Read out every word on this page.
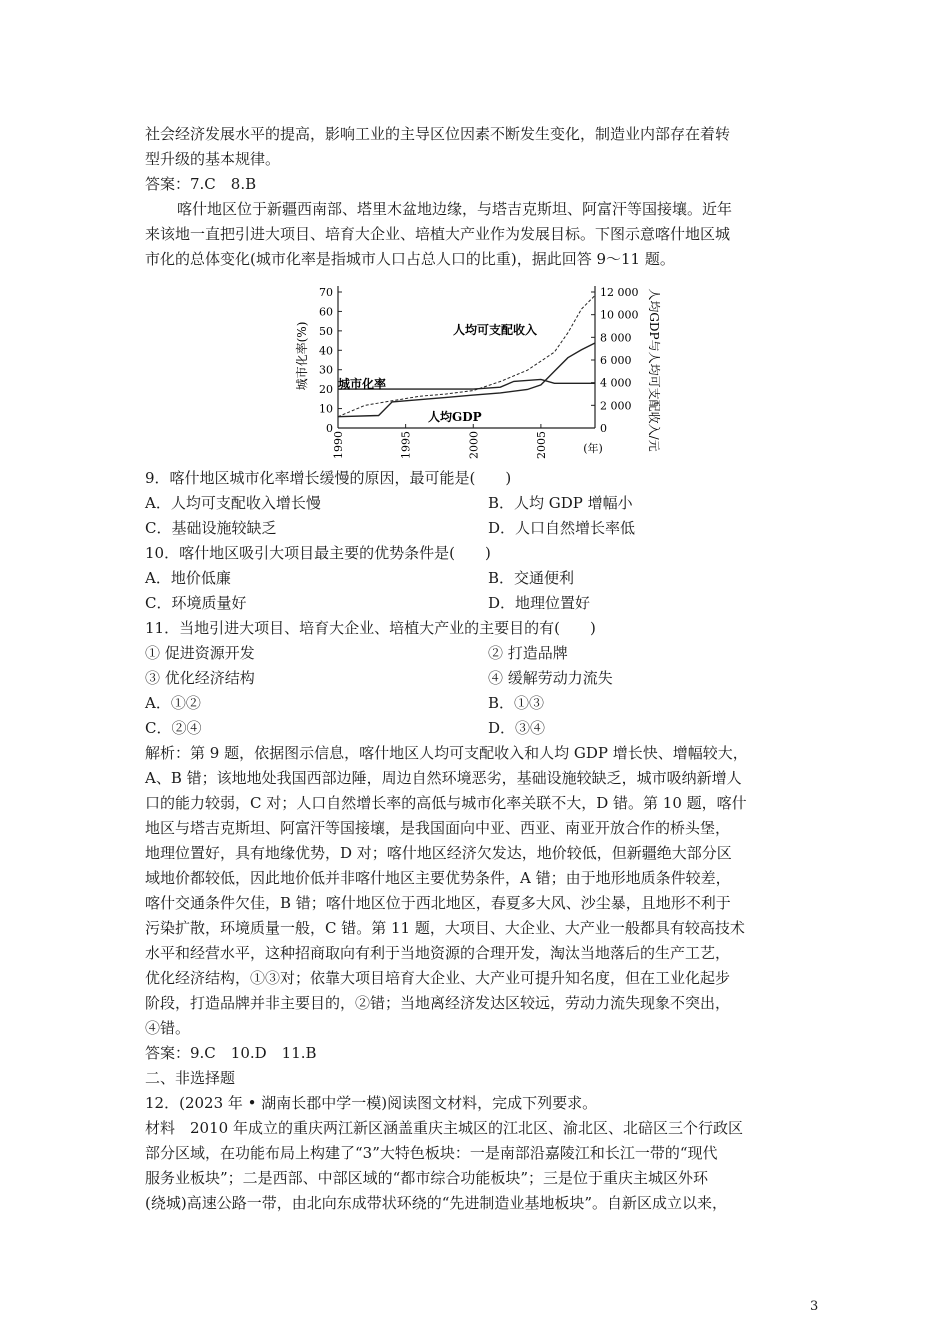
社会经济发展水平的提高，影响工业的主导区位因素不断发生变化，制造业内部存在着转
型升级的基本规律。
答案：7.C　8.B
喀什地区位于新疆西南部、塔里木盆地边缘，与塔吉克斯坦、阿富汗等国接壤。近年
来该地一直把引进大项目、培育大企业、培植大产业作为发展目标。下图示意喀什地区城
市化的总体变化(城市化率是指城市人口占总人口的比重)，据此回答 9～11 题。
0
10
20
30
40
50
60
70
0
2 000
4 000
6 000
8 000
10 000
12 000
1990	1995	2000	2005
城市化率(%)	人均GDP与人均可支配收入/元
(年)
人均可支配收入
城市化率
人均GDP
9．喀什地区城市化率增长缓慢的原因，最可能是(　　)
A．人均可支配收入增长慢	B．人均 GDP 增幅小
C．基础设施较缺乏	D．人口自然增长率低
10．喀什地区吸引大项目最主要的优势条件是(　　)
A．地价低廉	B．交通便利
C．环境质量好	D．地理位置好
11．当地引进大项目、培育大企业、培植大产业的主要目的有(　　)
① 促进资源开发	② 打造品牌
③ 优化经济结构	④ 缓解劳动力流失
A．①②	B．①③
C．②④	D．③④
解析：第 9 题，依据图示信息，喀什地区人均可支配收入和人均 GDP 增长快、增幅较大，
A、B 错；该地地处我国西部边陲，周边自然环境恶劣，基础设施较缺乏，城市吸纳新增人
口的能力较弱，C 对；人口自然增长率的高低与城市化率关联不大，D 错。第 10 题，喀什
地区与塔吉克斯坦、阿富汗等国接壤，是我国面向中亚、西亚、南亚开放合作的桥头堡，
地理位置好，具有地缘优势，D 对；喀什地区经济欠发达，地价较低，但新疆绝大部分区
域地价都较低，因此地价低并非喀什地区主要优势条件，A 错；由于地形地质条件较差，
喀什交通条件欠佳，B 错；喀什地区位于西北地区，春夏多大风、沙尘暴，且地形不利于
污染扩散，环境质量一般，C 错。第 11 题，大项目、大企业、大产业一般都具有较高技术
水平和经营水平，这种招商取向有利于当地资源的合理开发，淘汰当地落后的生产工艺，
优化经济结构，①③对；依靠大项目培育大企业、大产业可提升知名度，但在工业化起步
阶段，打造品牌并非主要目的，②错；当地离经济发达区较远，劳动力流失现象不突出，
④错。
答案：9.C　10.D　11.B
二、非选择题
12．(2023 年 • 湖南长郡中学一模)阅读图文材料，完成下列要求。
材料　2010 年成立的重庆两江新区涵盖重庆主城区的江北区、渝北区、北碚区三个行政区
部分区域，在功能布局上构建了“3”大特色板块：一是南部沿嘉陵江和长江一带的“现代
服务业板块”；二是西部、中部区域的“都市综合功能板块”；三是位于重庆主城区外环
(绕城)高速公路一带，由北向东成带状环绕的“先进制造业基地板块”。自新区成立以来，
3
